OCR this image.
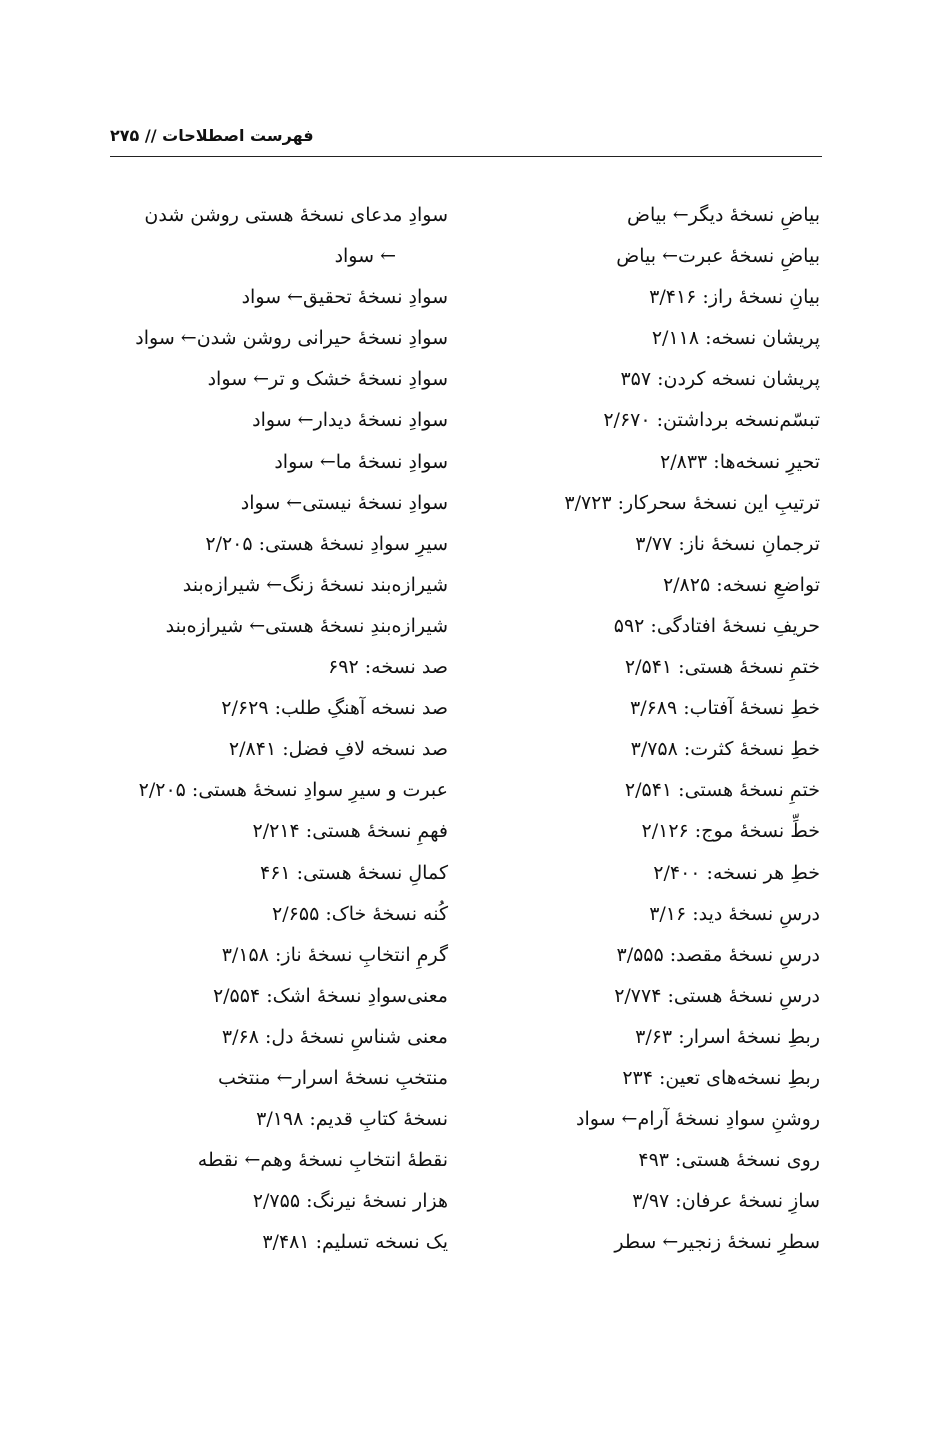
فهرست اصطلاحات // ۲۷۵
بیاضِ نسخهٔ دیگر← بیاض
بیاضِ نسخهٔ عبرت← بیاض
بیانِ نسخهٔ راز: ۳/۴۱۶
پریشان نسخه: ۲/۱۱۸
پریشان نسخه کردن: ۳۵۷
تبسّم‌نسخه برداشتن: ۲/۶۷۰
تحیرِ نسخه‌ها: ۲/۸۳۳
ترتیبِ این نسخهٔ سحرکار: ۳/۷۲۳
ترجمانِ نسخهٔ ناز: ۳/۷۷
تواضعِ نسخه: ۲/۸۲۵
حریفِ نسخهٔ افتادگی: ۵۹۲
ختمِ نسخهٔ هستی: ۲/۵۴۱
خطِ نسخهٔ آفتاب: ۳/۶۸۹
خطِ نسخهٔ کثرت: ۳/۷۵۸
ختمِ نسخهٔ هستی: ۲/۵۴۱
خطِّ نسخهٔ موج: ۲/۱۲۶
خطِ هر نسخه: ۲/۴۰۰
درسِ نسخهٔ دید: ۳/۱۶
درسِ نسخهٔ مقصد: ۳/۵۵۵
درسِ نسخهٔ هستی: ۲/۷۷۴
ربطِ نسخهٔ اسرار: ۳/۶۳
ربطِ نسخه‌های تعین: ۲۳۴
روشنِ سوادِ نسخهٔ آرام← سواد
روی نسخهٔ هستی: ۴۹۳
سازِ نسخهٔ عرفان: ۳/۹۷
سطرِ نسخهٔ زنجیر← سطر
سوادِ مدعای نسخهٔ هستی روشن شدن
← سواد
سوادِ نسخهٔ تحقیق← سواد
سوادِ نسخهٔ حیرانی روشن شدن← سواد
سوادِ نسخهٔ خشک و تر← سواد
سوادِ نسخهٔ دیدار← سواد
سوادِ نسخهٔ ما← سواد
سوادِ نسخهٔ نیستی← سواد
سیرِ سوادِ نسخهٔ هستی: ۲/۲۰۵
شیرازه‌بند نسخهٔ زنگ← شیرازه‌بند
شیرازه‌بندِ نسخهٔ هستی← شیرازه‌بند
صد نسخه: ۶۹۲
صد نسخه آهنگِ طلب: ۲/۶۲۹
صد نسخه لافِ فضل: ۲/۸۴۱
عبرت و سیرِ سوادِ نسخهٔ هستی: ۲/۲۰۵
فهمِ نسخهٔ هستی: ۲/۲۱۴
کمالِ نسخهٔ هستی: ۴۶۱
کُنه نسخهٔ خاک: ۲/۶۵۵
گرمِ انتخابِ نسخهٔ ناز: ۳/۱۵۸
معنی‌سوادِ نسخهٔ اشک: ۲/۵۵۴
معنی شناسِ نسخهٔ دل: ۳/۶۸
منتخبِ نسخهٔ اسرار← منتخب
نسخهٔ کتابِ قدیم: ۳/۱۹۸
نقطهٔ انتخابِ نسخهٔ وهم← نقطه
هزار نسخهٔ نیرنگ: ۲/۷۵۵
یک نسخه تسلیم: ۳/۴۸۱
